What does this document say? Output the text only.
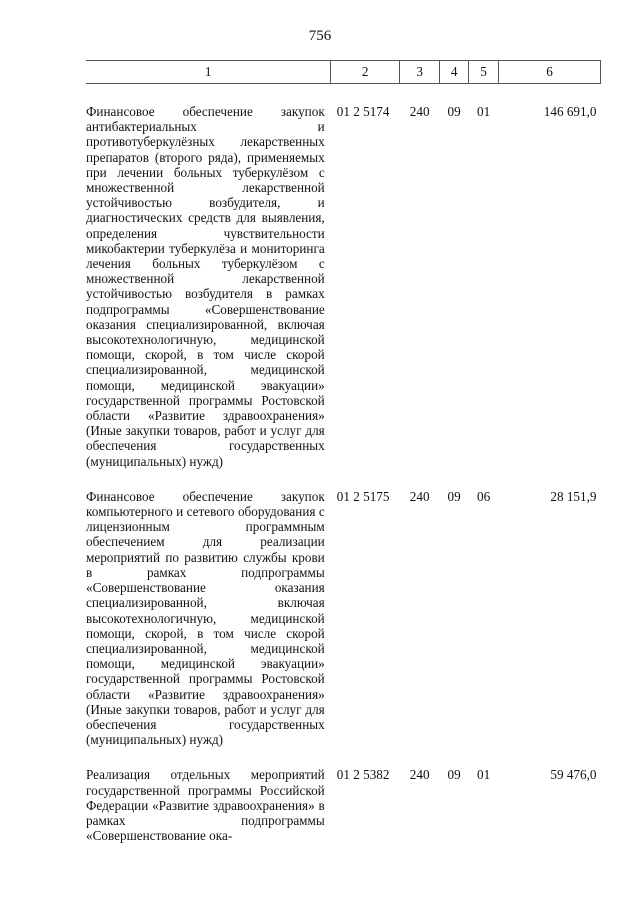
756
1	2	3	4	5	6

Финансовое обеспечение закупок антибактериальных и противотуберкулёзных лекарственных препаратов (второго ряда), применяемых при лечении больных туберкулёзом с множественной лекарственной устойчивостью возбудителя, и диагностических средств для выявления, определения чувствительности микобактерии туберкулёза и мониторинга лечения больных туберкулёзом с множественной лекарственной устойчивостью возбудителя в рамках подпрограммы «Совершенствование оказания специализированной, включая высокотехнологичную, медицинской помощи, скорой, в том числе скорой специализированной, медицинской помощи, медицинской эвакуации» государственной программы Ростовской области «Развитие здравоохранения» (Иные закупки товаров, работ и услуг для обеспечения государственных (муниципальных) нужд)	01 2 5174	240	09	01	146 691,0

Финансовое обеспечение закупок компьютерного и сетевого оборудования с лицензионным программным обеспечением для реализации мероприятий по развитию службы крови в рамках подпрограммы «Совершенствование оказания специализированной, включая высокотехнологичную, медицинской помощи, скорой, в том числе скорой специализированной, медицинской помощи, медицинской эвакуации» государственной программы Ростовской области «Развитие здравоохранения» (Иные закупки товаров, работ и услуг для обеспечения государственных (муниципальных) нужд)	01 2 5175	240	09	06	28 151,9

Реализация отдельных мероприятий государственной программы Российской Федерации «Развитие здравоохранения» в рамках подпрограммы «Совершенствование ока-	01 2 5382	240	09	01	59 476,0
